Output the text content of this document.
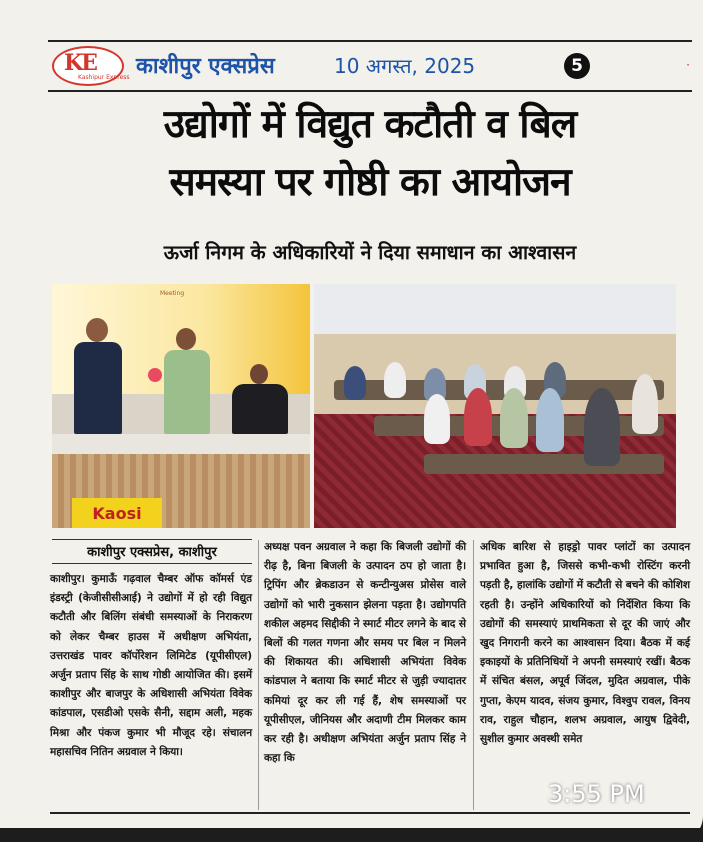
KE
Kashipur Express काशीपुर एक्सप्रेस	10 अगस्त, 2025	5	·
उद्योगों में विद्युत कटौती व बिल
समस्या पर गोष्ठी का आयोजन
ऊर्जा निगम के अधिकारियों ने दिया समाधान का आश्वासन
Meeting
Kaosi
काशीपुर एक्सप्रेस, काशीपुर
काशीपुर। कुमाऊँ गढ़वाल चैम्बर ऑफ कॉमर्स एंड इंडस्ट्री (केजीसीसीआई) ने उद्योगों में हो रही विद्युत कटौती और बिलिंग संबंधी समस्याओं के निराकरण को लेकर चैम्बर हाउस में अधीक्षण अभियंता, उत्तराखंड पावर कॉर्पोरेशन लिमिटेड (यूपीसीएल) अर्जुन प्रताप सिंह के साथ गोष्ठी आयोजित की। इसमें काशीपुर और बाजपुर के अधिशासी अभियंता विवेक कांडपाल, एसडीओ एसके सैनी, सद्दाम अली, महक मिश्रा और पंकज कुमार भी मौजूद रहे। संचालन महासचिव नितिन अग्रवाल ने किया।
अध्यक्ष पवन अग्रवाल ने कहा कि बिजली उद्योगों की रीढ़ है, बिना बिजली के उत्पादन ठप हो जाता है। ट्रिपिंग और ब्रेकडाउन से कन्टीन्युअस प्रोसेस वाले उद्योगों को भारी नुकसान झेलना पड़ता है। उद्योगपति शकील अहमद सिद्दीकी ने स्मार्ट मीटर लगने के बाद से बिलों की गलत गणना और समय पर बिल न मिलने की शिकायत की। अधिशासी अभियंता विवेक कांडपाल ने बताया कि स्मार्ट मीटर से जुड़ी ज्यादातर कमियां दूर कर ली गई हैं, शेष समस्याओं पर यूपीसीएल, जीनियस और अदाणी टीम मिलकर काम कर रही है। अधीक्षण अभियंता अर्जुन प्रताप सिंह ने कहा कि
अधिक बारिश से हाइड्रो पावर प्लांटों का उत्पादन प्रभावित हुआ है, जिससे कभी-कभी रोस्टिंग करनी पड़ती है, हालांकि उद्योगों में कटौती से बचने की कोशिश रहती है। उन्होंने अधिकारियों को निर्देशित किया कि उद्योगों की समस्याएं प्राथमिकता से दूर की जाएं और खुद निगरानी करने का आश्वासन दिया। बैठक में कई इकाइयों के प्रतिनिधियों ने अपनी समस्याएं रखीं। बैठक में संचित बंसल, अपूर्व जिंदल, मुदित अग्रवाल, पीके गुप्ता, केएम यादव, संजय कुमार, विश्वुप रावल, विनय राव, राहुल चौहान, शलभ अग्रवाल, आयुष द्विवेदी, सुशील कुमार अवस्थी समेत
3:55 PM
